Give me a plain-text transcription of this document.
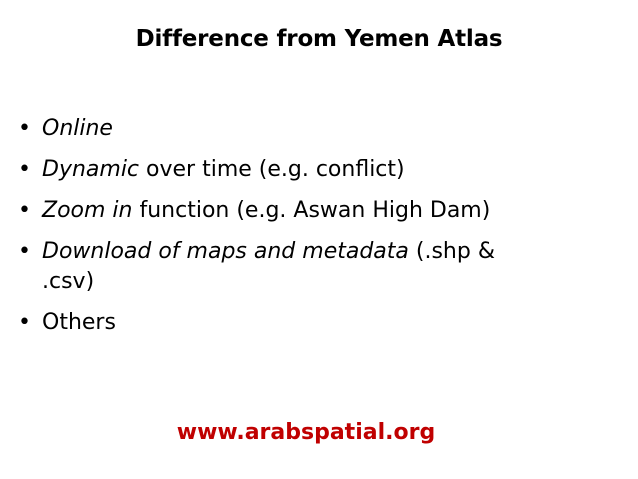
Difference from Yemen Atlas
• Online
• Dynamic over time (e.g. conflict)
• Zoom in function (e.g. Aswan High Dam)
• Download of maps and metadata (.shp &
.csv)
• Others
www.arabspatial.org
